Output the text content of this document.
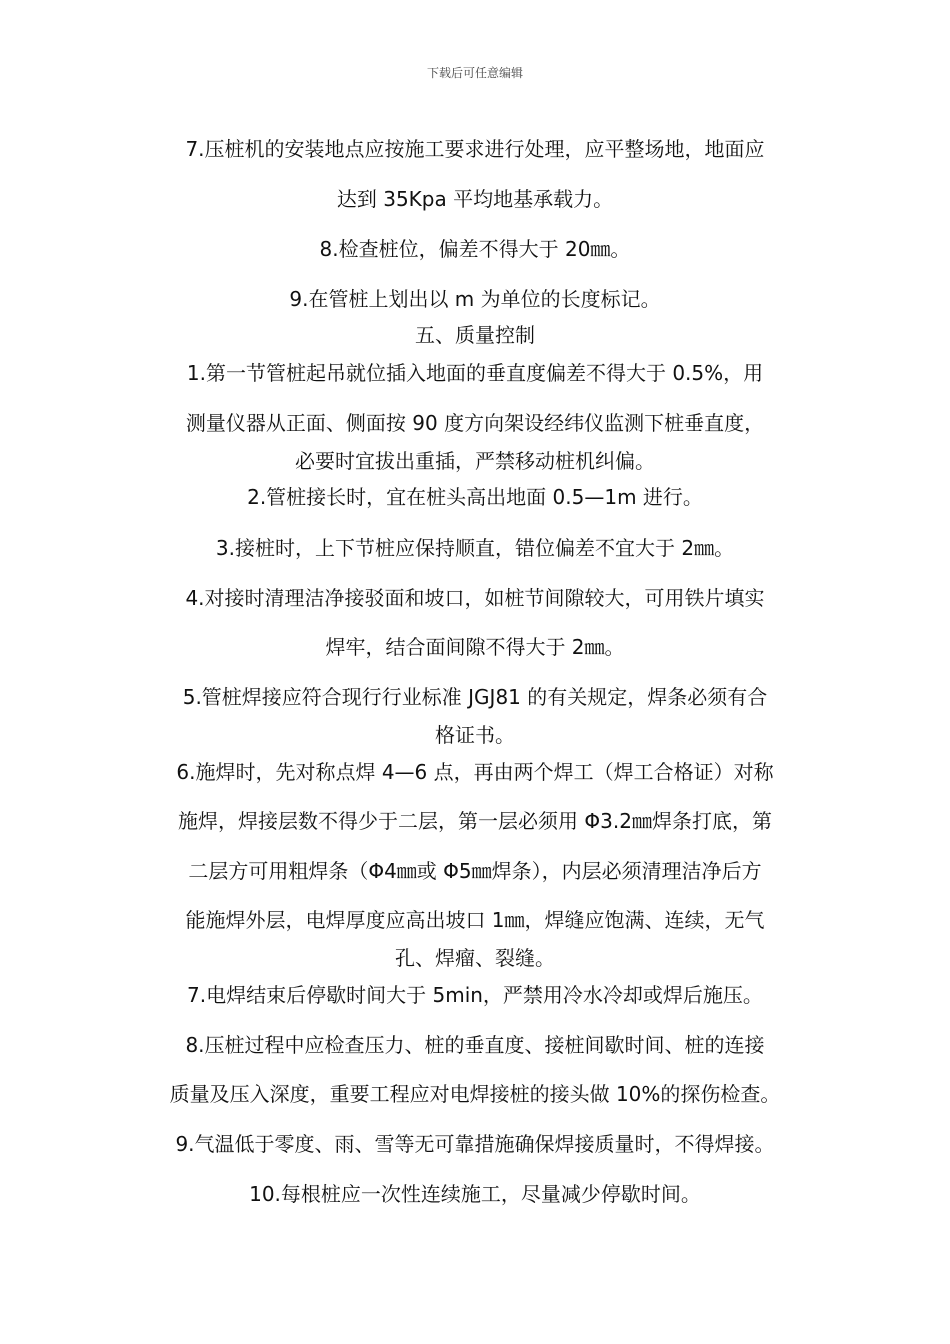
下载后可任意编辑
7.压桩机的安装地点应按施工要求进行处理，应平整场地，地面应
达到 35Kpa 平均地基承载力。
8.检查桩位，偏差不得大于 20㎜。
9.在管桩上划出以 m 为单位的长度标记。
五、质量控制
1.第一节管桩起吊就位插入地面的垂直度偏差不得大于 0.5%，用
测量仪器从正面、侧面按 90 度方向架设经纬仪监测下桩垂直度，
必要时宜拔出重插，严禁移动桩机纠偏。
2.管桩接长时，宜在桩头高出地面 0.5—1m 进行。
3.接桩时，上下节桩应保持顺直，错位偏差不宜大于 2㎜。
4.对接时清理洁净接驳面和坡口，如桩节间隙较大，可用铁片填实
焊牢，结合面间隙不得大于 2㎜。
5.管桩焊接应符合现行行业标准 JGJ81 的有关规定，焊条必须有合
格证书。
6.施焊时，先对称点焊 4—6 点，再由两个焊工（焊工合格证）对称
施焊，焊接层数不得少于二层，第一层必须用 Φ3.2㎜焊条打底，第
二层方可用粗焊条（Φ4㎜或 Φ5㎜焊条），内层必须清理洁净后方
能施焊外层，电焊厚度应高出坡口 1㎜，焊缝应饱满、连续，无气
孔、焊瘤、裂缝。
7.电焊结束后停歇时间大于 5min，严禁用冷水冷却或焊后施压。
8.压桩过程中应检查压力、桩的垂直度、接桩间歇时间、桩的连接
质量及压入深度，重要工程应对电焊接桩的接头做 10%的探伤检查。
9.气温低于零度、雨、雪等无可靠措施确保焊接质量时，不得焊接。
10.每根桩应一次性连续施工，尽量减少停歇时间。
